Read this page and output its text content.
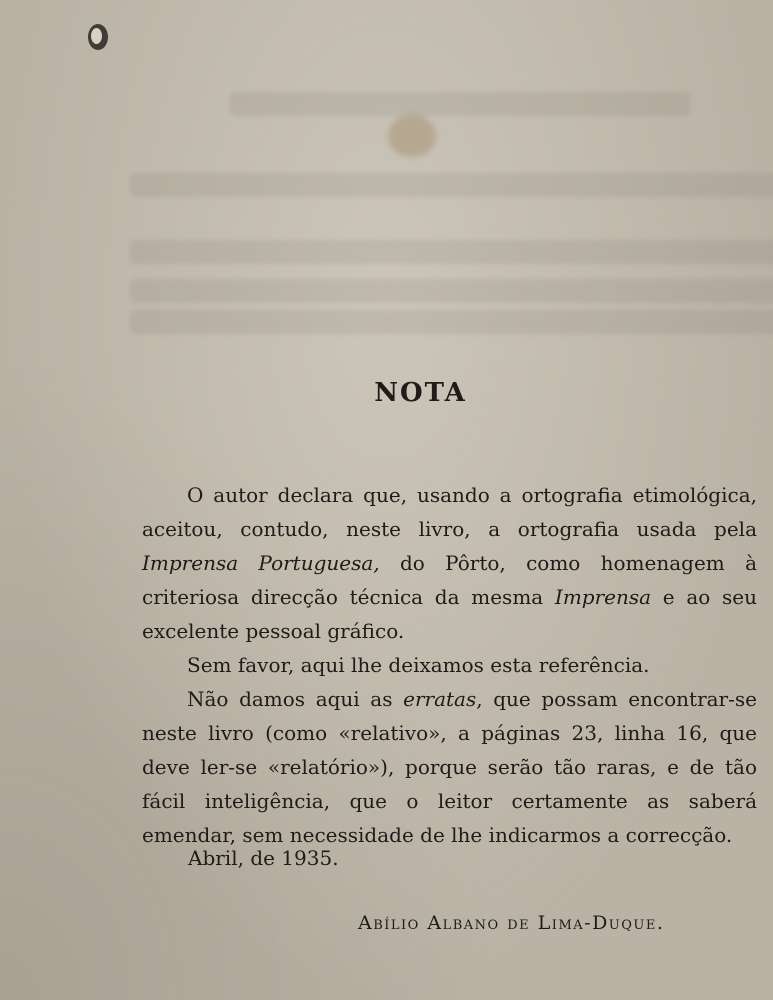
NOTA

O autor declara que, usando a ortografia etimológica, aceitou, contudo, neste livro, a ortografia usada pela Imprensa Portuguesa, do Pôrto, como homenagem à criteriosa direcção técnica da mesma Imprensa e ao seu excelente pessoal gráfico.

Sem favor, aqui lhe deixamos esta referência.

Não damos aqui as erratas, que possam encontrar-se neste livro (como «relativo», a páginas 23, linha 16, que deve ler-se «relatório»), porque serão tão raras, e de tão fácil inteligência, que o leitor certamente as saberá emendar, sem necessidade de lhe indicarmos a correcção.

Abril, de 1935.
Abílio Albano de Lima-Duque.
